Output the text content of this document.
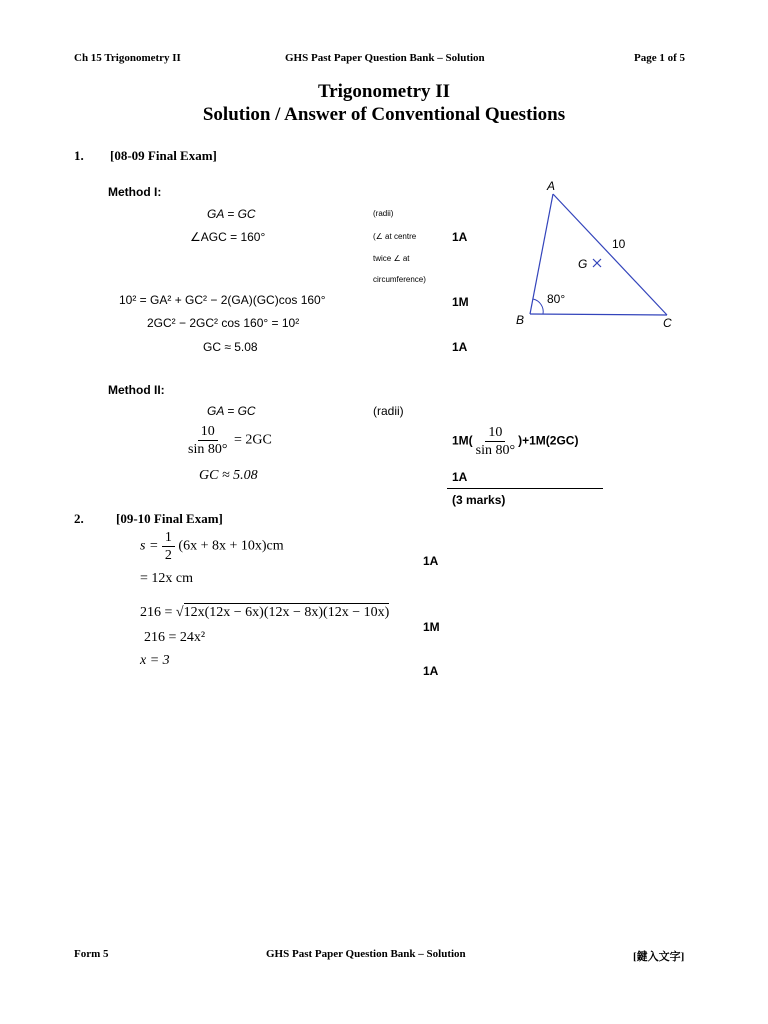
Ch 15 Trigonometry II	GHS Past Paper Question Bank – Solution	Page 1 of 5
Trigonometry II
Solution / Answer of Conventional Questions
1. [08-09 Final Exam]
Method I:
GA = GC	(radii)
∠AGC = 160°	(∠ at centre
twice ∠ at
circumference)
1A
10² = GA² + GC² − 2(GA)(GC)cos 160°	1M
2GC² − 2GC² cos 160° = 10²
GC ≈ 5.08	1A
Method II:
GA = GC	(radii)
$\frac{10}{\sin 80^\circ} = 2GC$	$1M( \frac{10}{\sin 80^\circ} )+1M(2GC)$
GC ≈ 5.08	1A
(3 marks)
A
B	C
G
10
80°
2. [09-10 Final Exam]
$s = \frac{1}{2} (6x + 8x + 10x)cm$
1A
= 12x cm
216 = √12x(12x − 6x)(12x − 8x)(12x − 10x)
1M
216 = 24x²
x = 3
1A
Form 5	GHS Past Paper Question Bank – Solution	[鍵入文字]
